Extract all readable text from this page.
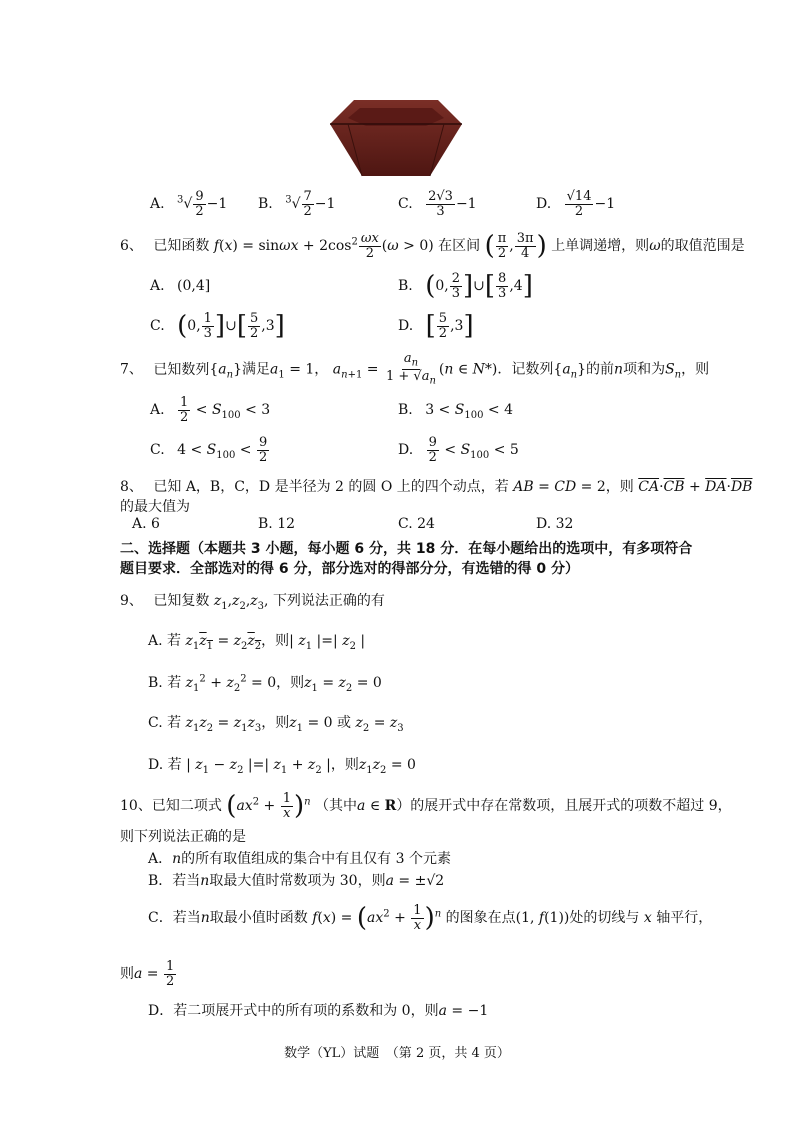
A. $^3√ \frac{9}{2} -1$ B. $^3√ \frac{7}{2} -1$	C. $\frac{2√3}{3} -1$	D. $\frac{√14}{2} -1$
6、 已知函数 $f(x) = \sin\omega x + 2\cos^2 \frac{\omega x}{2} (\omega > 0)$ 在区间 ( $\frac{\pi}{2}$ , $\frac{3\pi}{4}$ ) 上单调递增，则ω的取值范围是
A. (0,4]	B. (0, $\frac{2}{3}$ ]∪[ $\frac{8}{3} ,4$]
C. (0, $\frac{1}{3}$ ]∪[ $\frac{5}{2} ,3$]	D. [ $\frac{5}{2} ,3$]
7、 已知数列$\{a_n\}$满足$a_1 = 1$， $a_{n+1} = \frac{a_n}{1 + √a_n} (n$ ∈ N*)．记数列$\{a_n\}$的前n项和为$S_n$，则
A. $\frac{1}{2} < S_{100} < 3$	B. $3 < S_{100} < 4$
C. $4 < S_{100} < \frac{9}{2}$	D. $\frac{9}{2} < S_{100} < 5$
8、 已知 A，B，C，D 是半径为 2 的圆 O 上的四个动点，若 AB = CD = 2，则 $\overline{CA}\cdot\overline{CB} + \overline{DA}\cdot\overline{DB}$
的最大值为
A. 6	B. 12	C. 24	D. 32
二、选择题（本题共 3 小题，每小题 6 分，共 18 分．在每小题给出的选项中，有多项符合
题目要求．全部选对的得 6 分，部分选对的得部分分，有选错的得 0 分）
9、 已知复数 $z_1,z_2,z_3$, 下列说法正确的有
A. 若 $z_1z_1 = z_2z_2$，则| $z_1$ |=| $z_2$ |
B. 若 $z_1^2 + z_2^2 = 0$，则$z_1 = z_2 = 0$
C. 若 $z_1z_2 = z_1z_3$，则$z_1 = 0$ 或 $z_2 = z_3$
D. 若 | $z_1 - z_2$ |=| $z_1 + z_2$ |，则$z_1z_2 = 0$
10、已知二项式 $(ax^2 + \frac{1}{x} )^n$ （其中a ∈ R）的展开式中存在常数项，且展开式的项数不超过 9，
则下列说法正确的是
A．n的所有取值组成的集合中有且仅有 3 个元素
B．若当n取最大值时常数项为 30，则a = ±√2
C．若当n取最小值时函数 $f(x) = (ax^2 + \frac{1}{x} )^n$ 的图象在点(1, f(1))处的切线与 x 轴平行，
则$a = \frac{1}{2}$
D．若二项展开式中的所有项的系数和为 0，则a = −1
数学（YL）试题　（第 2 页，共 4 页）
